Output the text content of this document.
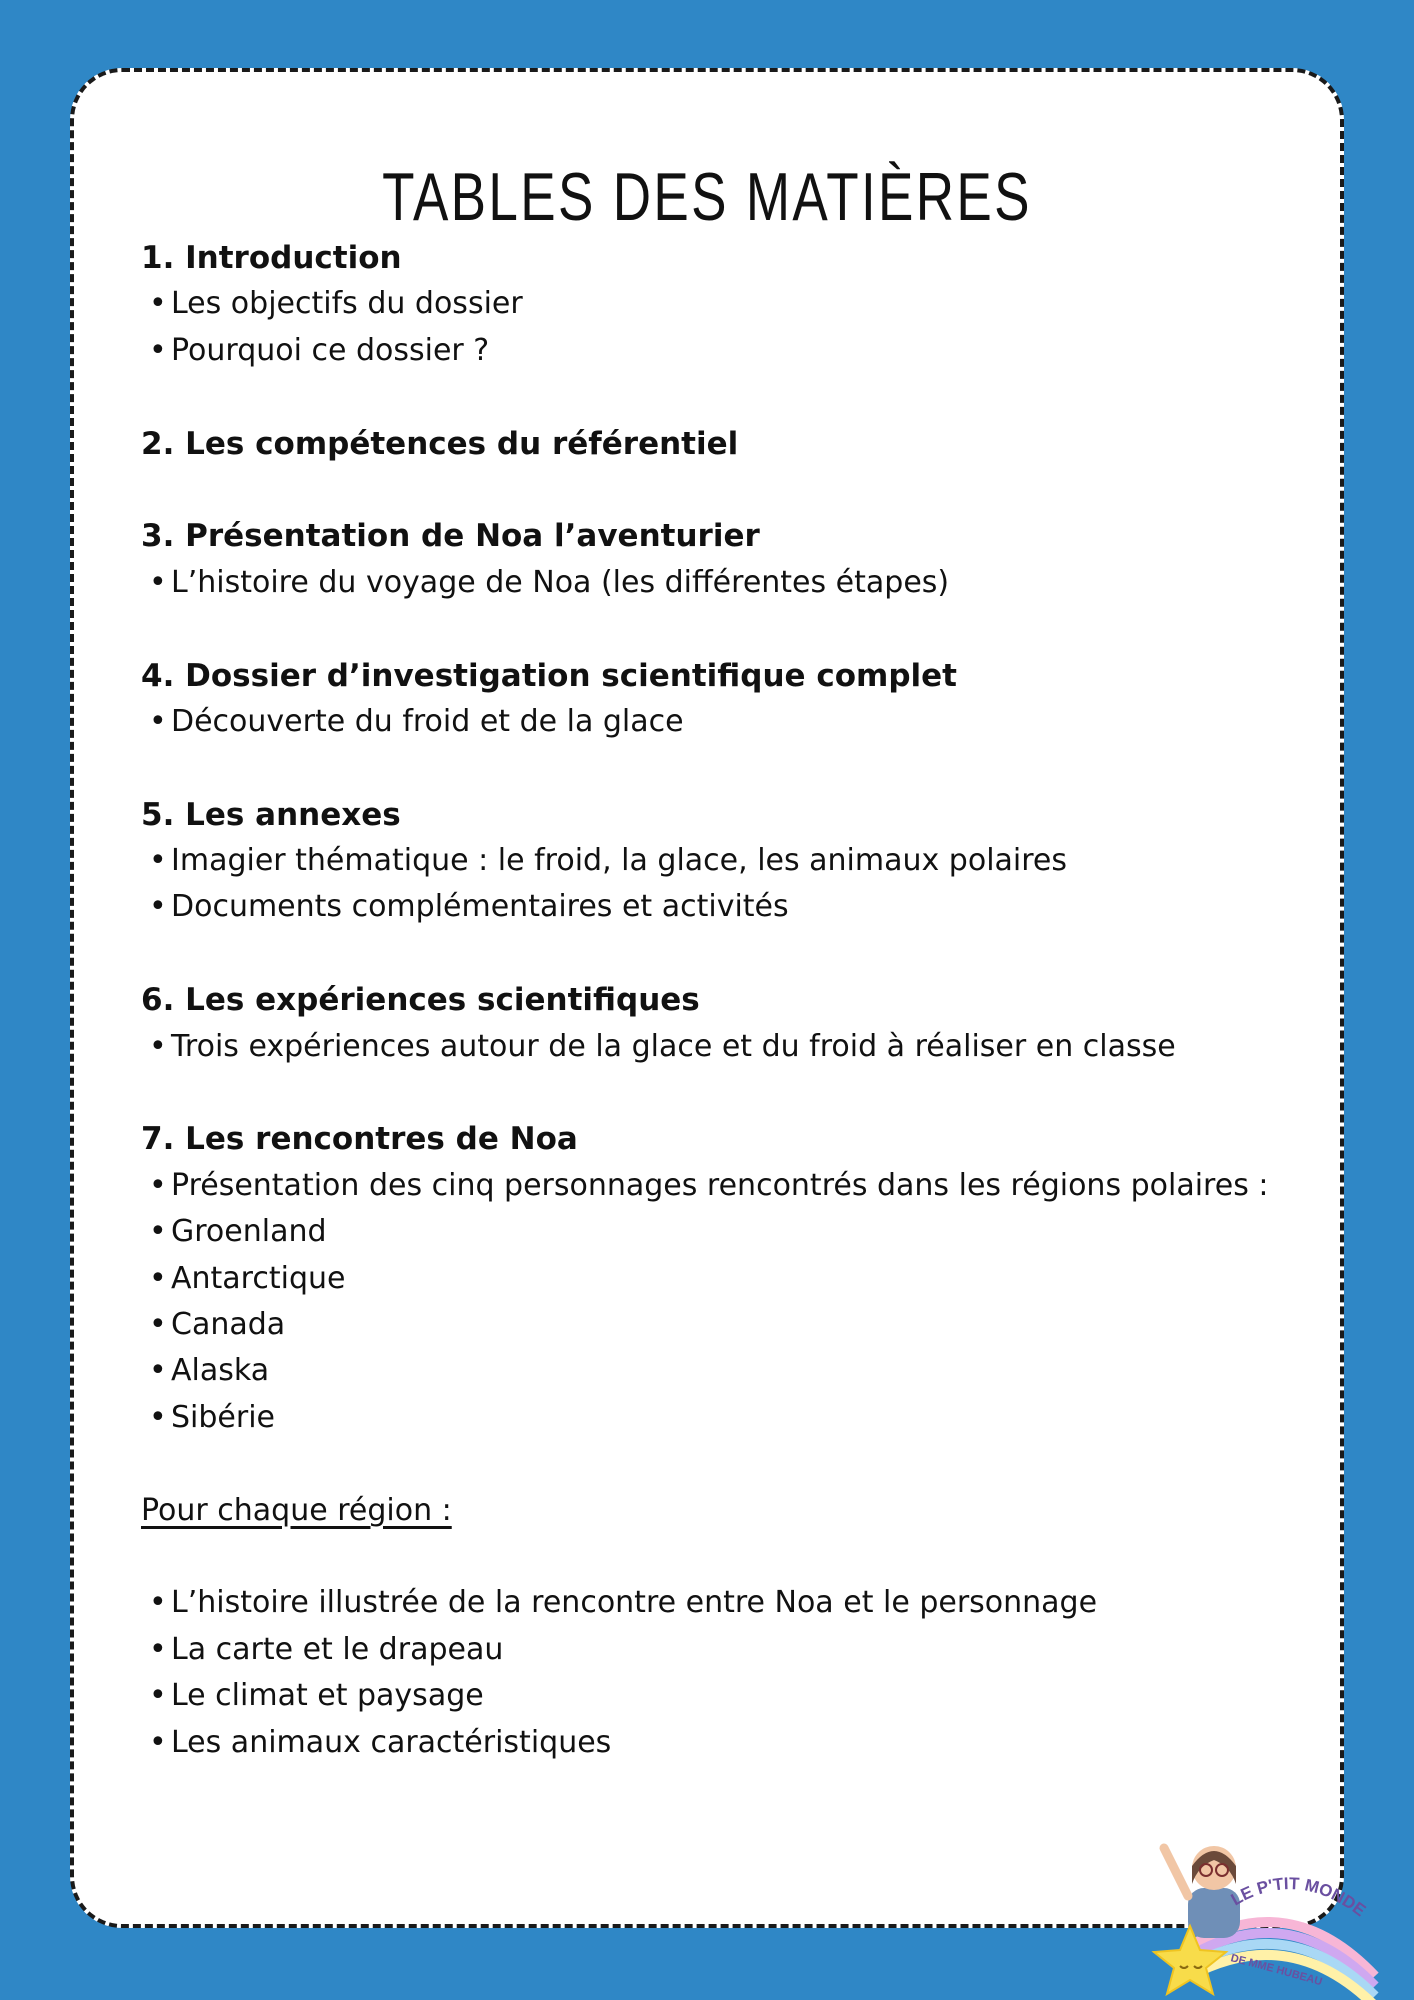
TABLES DES MATIÈRES
1. Introduction
• Les objectifs du dossier
• Pourquoi ce dossier ?
2. Les compétences du référentiel
3. Présentation de Noa l’aventurier
• L’histoire du voyage de Noa (les différentes étapes)
4. Dossier d’investigation scientifique complet
• Découverte du froid et de la glace
5. Les annexes
• Imagier thématique : le froid, la glace, les animaux polaires
• Documents complémentaires et activités
6. Les expériences scientifiques
• Trois expériences autour de la glace et du froid à réaliser en classe
7. Les rencontres de Noa
• Présentation des cinq personnages rencontrés dans les régions polaires :
• Groenland
• Antarctique
• Canada
• Alaska
• Sibérie
Pour chaque région :
• L’histoire illustrée de la rencontre entre Noa et le personnage
• La carte et le drapeau
• Le climat et paysage
• Les animaux caractéristiques
LE P'TIT MONDE
DE MME HUBEAU
